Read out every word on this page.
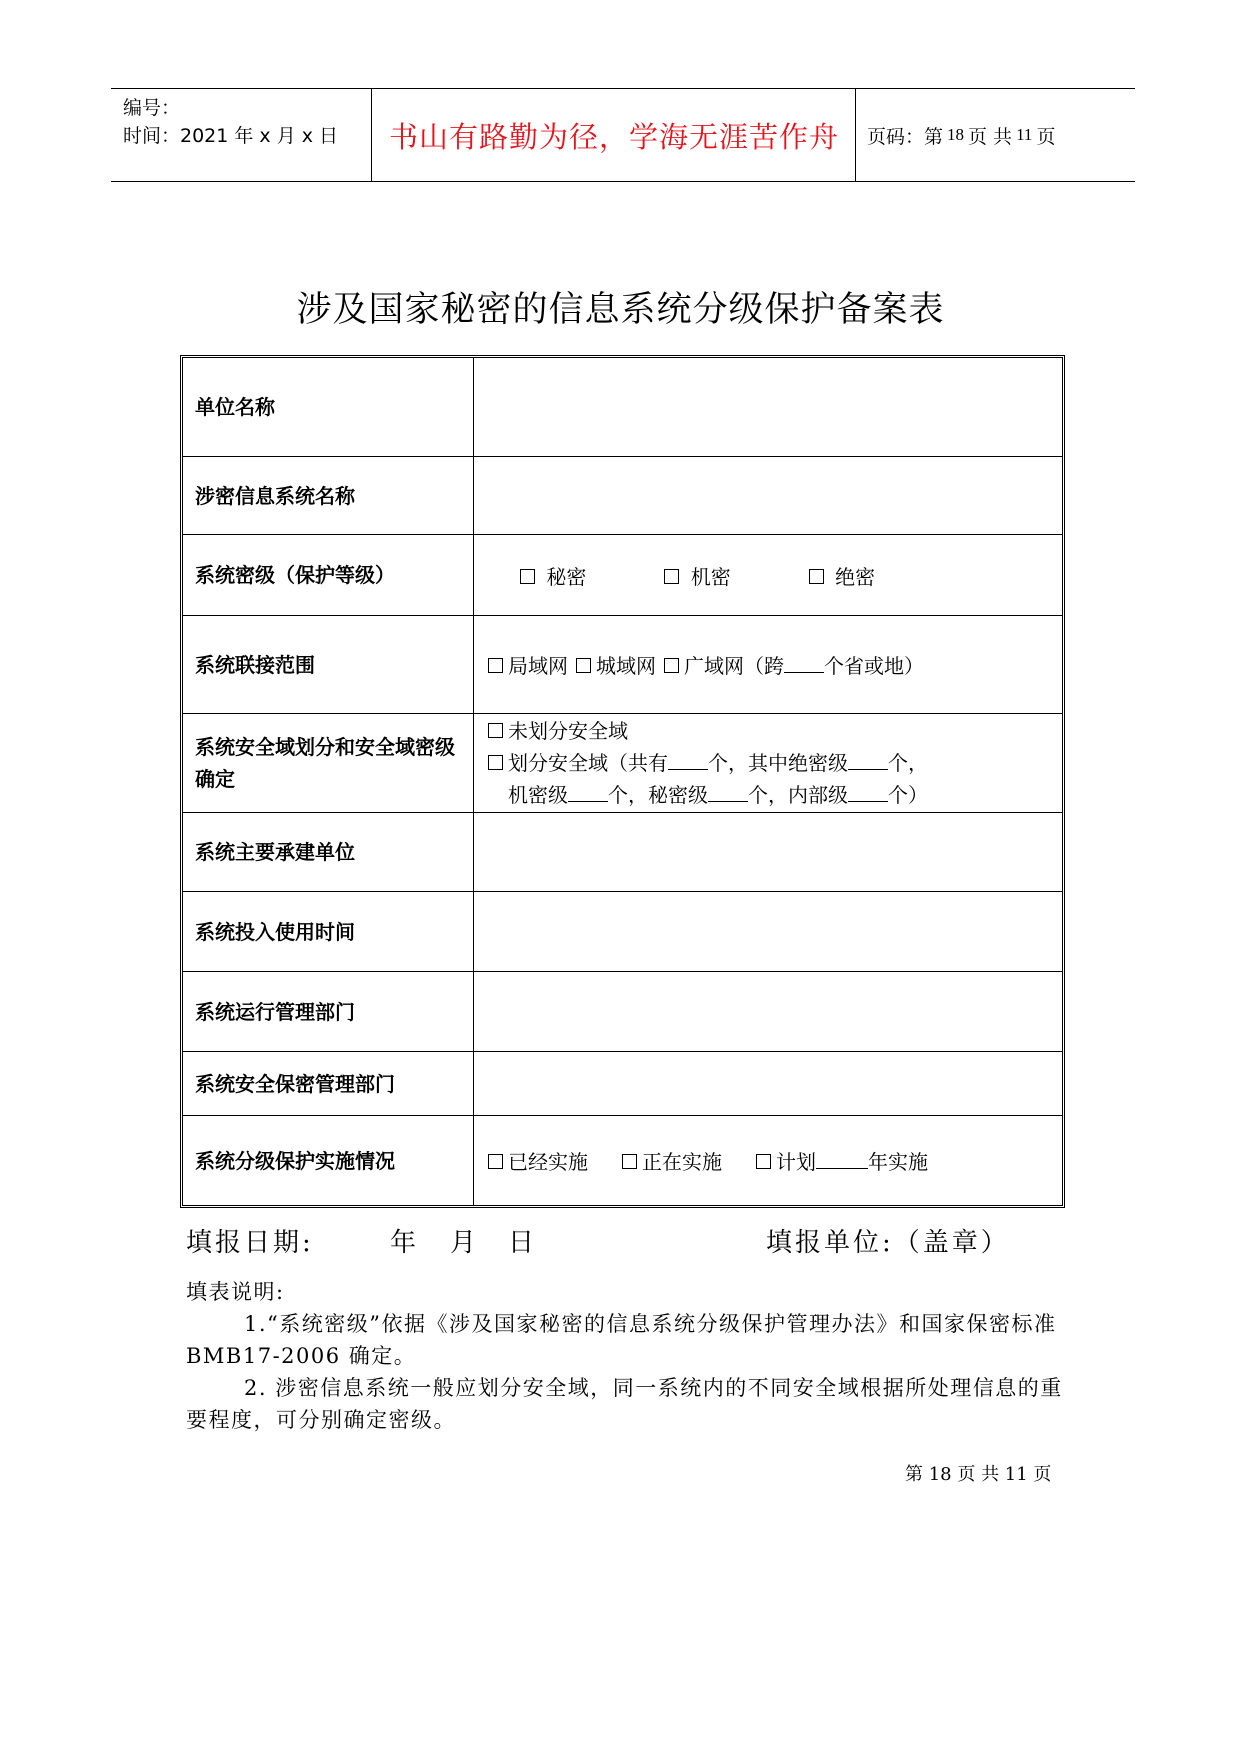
编号：
时间：2021 年 x 月 x 日 书山有路勤为径，学海无涯苦作舟 页码：第 18 页 共 11 页
涉及国家秘密的信息系统分级保护备案表
单位名称
涉密信息系统名称
系统密级（保护等级）	秘密	机密	绝密
系统联接范围	局域网	城域网	广域网（跨 个省或地）
系统安全域划分和安全域密级确定
未划分安全域
划分安全域（共有 个，其中绝密级 个，
机密级 个，秘密级 个，内部级 个）
系统主要承建单位
系统投入使用时间
系统运行管理部门
系统安全保密管理部门
系统分级保护实施情况	已经实施	正在实施	计划	年实施
填报日期:	年 月 日	填报单位:（盖章）

填表说明:

1.“系统密级”依据《涉及国家秘密的信息系统分级保护管理办法》和国家保密标准 BMB17-2006 确定。

2. 涉密信息系统一般应划分安全域，同一系统内的不同安全域根据所处理信息的重要程度，可分别确定密级。

第 18 页 共 11 页
